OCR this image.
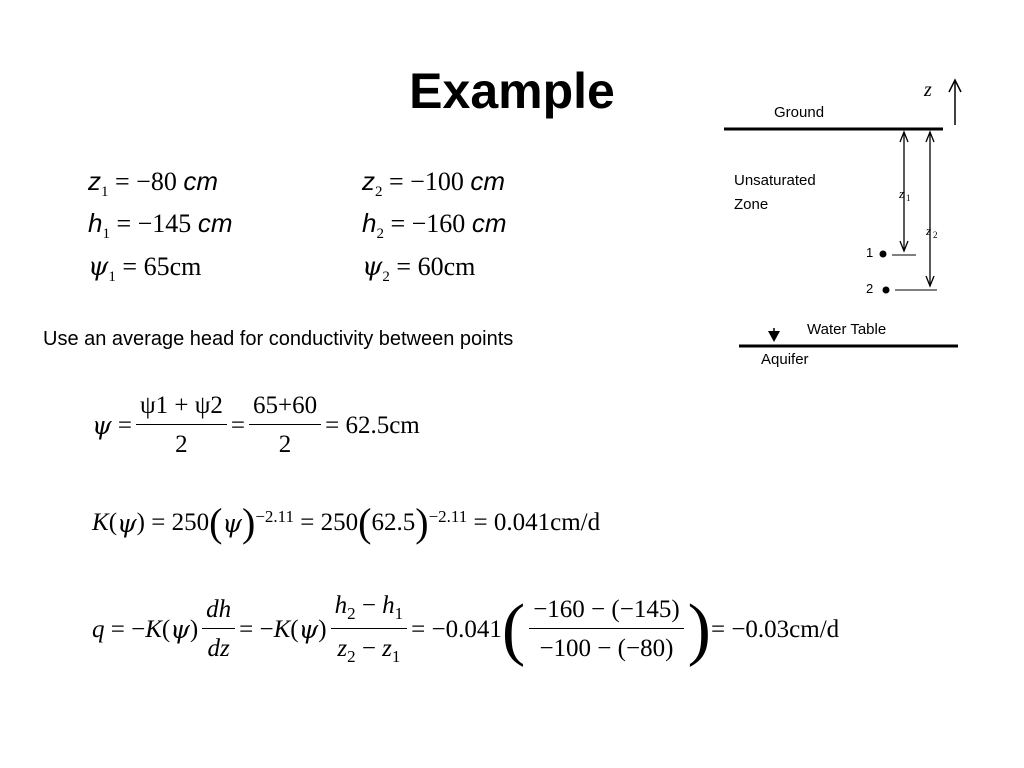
Example
$z_1 = -80$ cm
$h_1 = -145$ cm
$\psi_1 = 65cm$
$z_2 = -100$ cm
$h_2 = -160$ cm
$\psi_2 = 60cm$
Use an average head for conductivity between points
$\psi = \frac{\psi 1 + \psi 2}{2} = \frac{65+60}{2} = 62.5cm$
K ( ψ ) = 250 ( ψ )$^{-2.11}$ = 250 ( 62.5 )$^{-2.11}$ = 0.041cm/d
q = − K ( ψ ) $\frac{dh}{dz}$ = − K ( ψ ) $\frac{h_2 - h_1}{z_2 - z_1} = -0.041$ ( $\frac{-160 - (-145)}{-100 - (-80)}$ ) = −0.03cm/d
z
Ground
Unsaturated
Zone
z 1
z 2
1
2
Water Table
Aquifer
